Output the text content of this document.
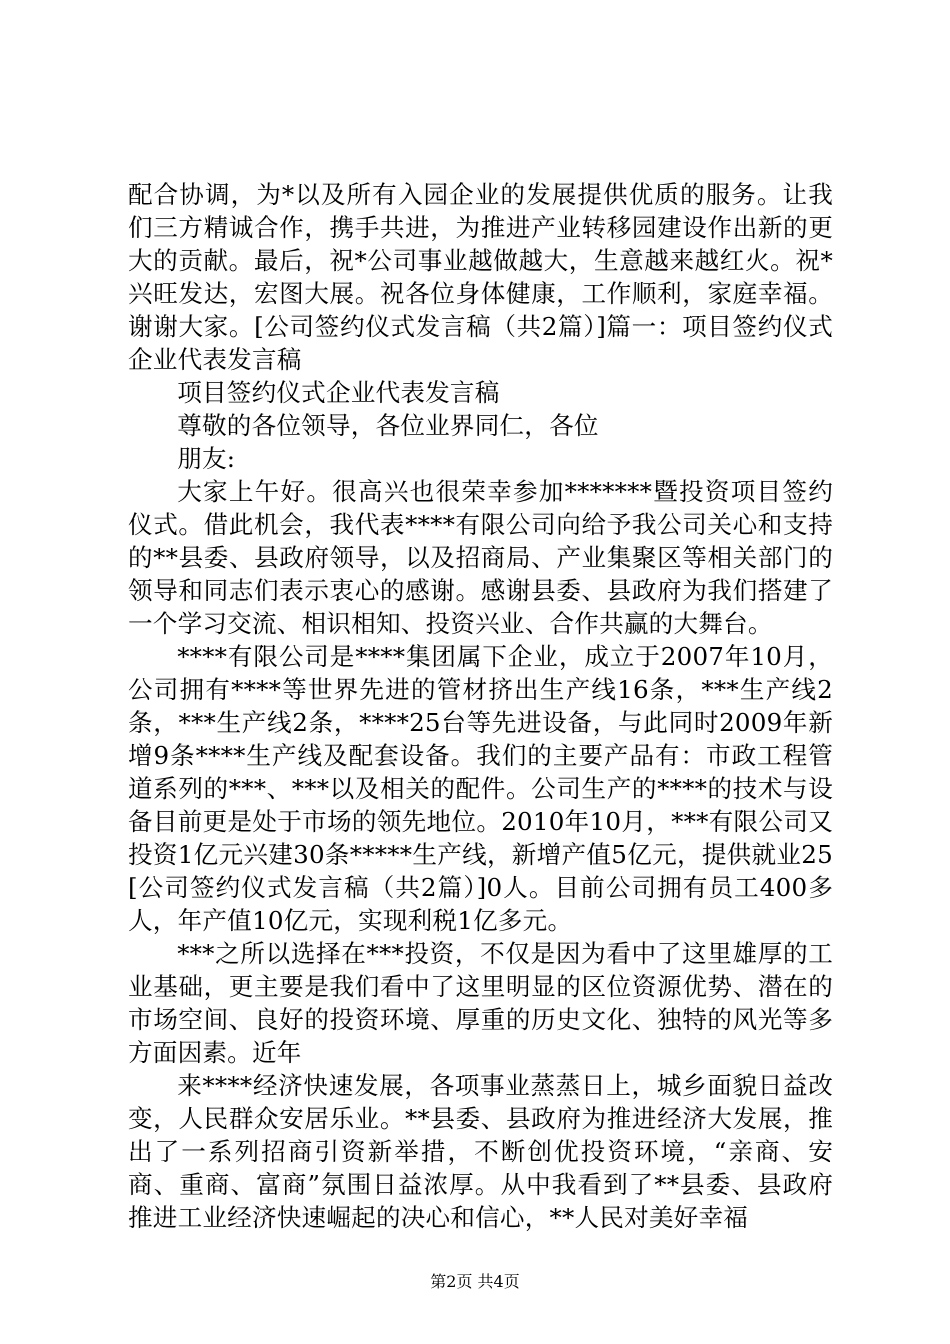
配合协调，为*以及所有入园企业的发展提供优质的服务。让我们三方精诚合作，携手共进，为推进产业转移园建设作出新的更大的贡献。最后，祝*公司事业越做越大，生意越来越红火。祝*兴旺发达，宏图大展。祝各位身体健康，工作顺利，家庭幸福。谢谢大家。[公司签约仪式发言稿（共2篇）]篇一：项目签约仪式企业代表发言稿

项目签约仪式企业代表发言稿

尊敬的各位领导，各位业界同仁，各位

朋友:

大家上午好。很高兴也很荣幸参加*******暨投资项目签约仪式。借此机会，我代表****有限公司向给予我公司关心和支持的**县委、县政府领导，以及招商局、产业集聚区等相关部门的领导和同志们表示衷心的感谢。感谢县委、县政府为我们搭建了一个学习交流、相识相知、投资兴业、合作共赢的大舞台。

****有限公司是****集团属下企业，成立于2007年10月，公司拥有****等世界先进的管材挤出生产线16条，***生产线2条，***生产线2条，****25台等先进设备，与此同时2009年新增9条****生产线及配套设备。我们的主要产品有：市政工程管道系列的***、***以及相关的配件。公司生产的****的技术与设备目前更是处于市场的领先地位。2010年10月，***有限公司又投资1亿元兴建30条*****生产线，新增产值5亿元，提供就业25[公司签约仪式发言稿（共2篇）]0人。目前公司拥有员工400多人，年产值10亿元，实现利税1亿多元。

***之所以选择在***投资，不仅是因为看中了这里雄厚的工业基础，更主要是我们看中了这里明显的区位资源优势、潜在的市场空间、良好的投资环境、厚重的历史文化、独特的风光等多方面因素。近年

来****经济快速发展，各项事业蒸蒸日上，城乡面貌日益改变，人民群众安居乐业。**县委、县政府为推进经济大发展，推出了一系列招商引资新举措，不断创优投资环境，“亲商、安商、重商、富商”氛围日益浓厚。从中我看到了**县委、县政府推进工业经济快速崛起的决心和信心，**人民对美好幸福

第2页 共4页
